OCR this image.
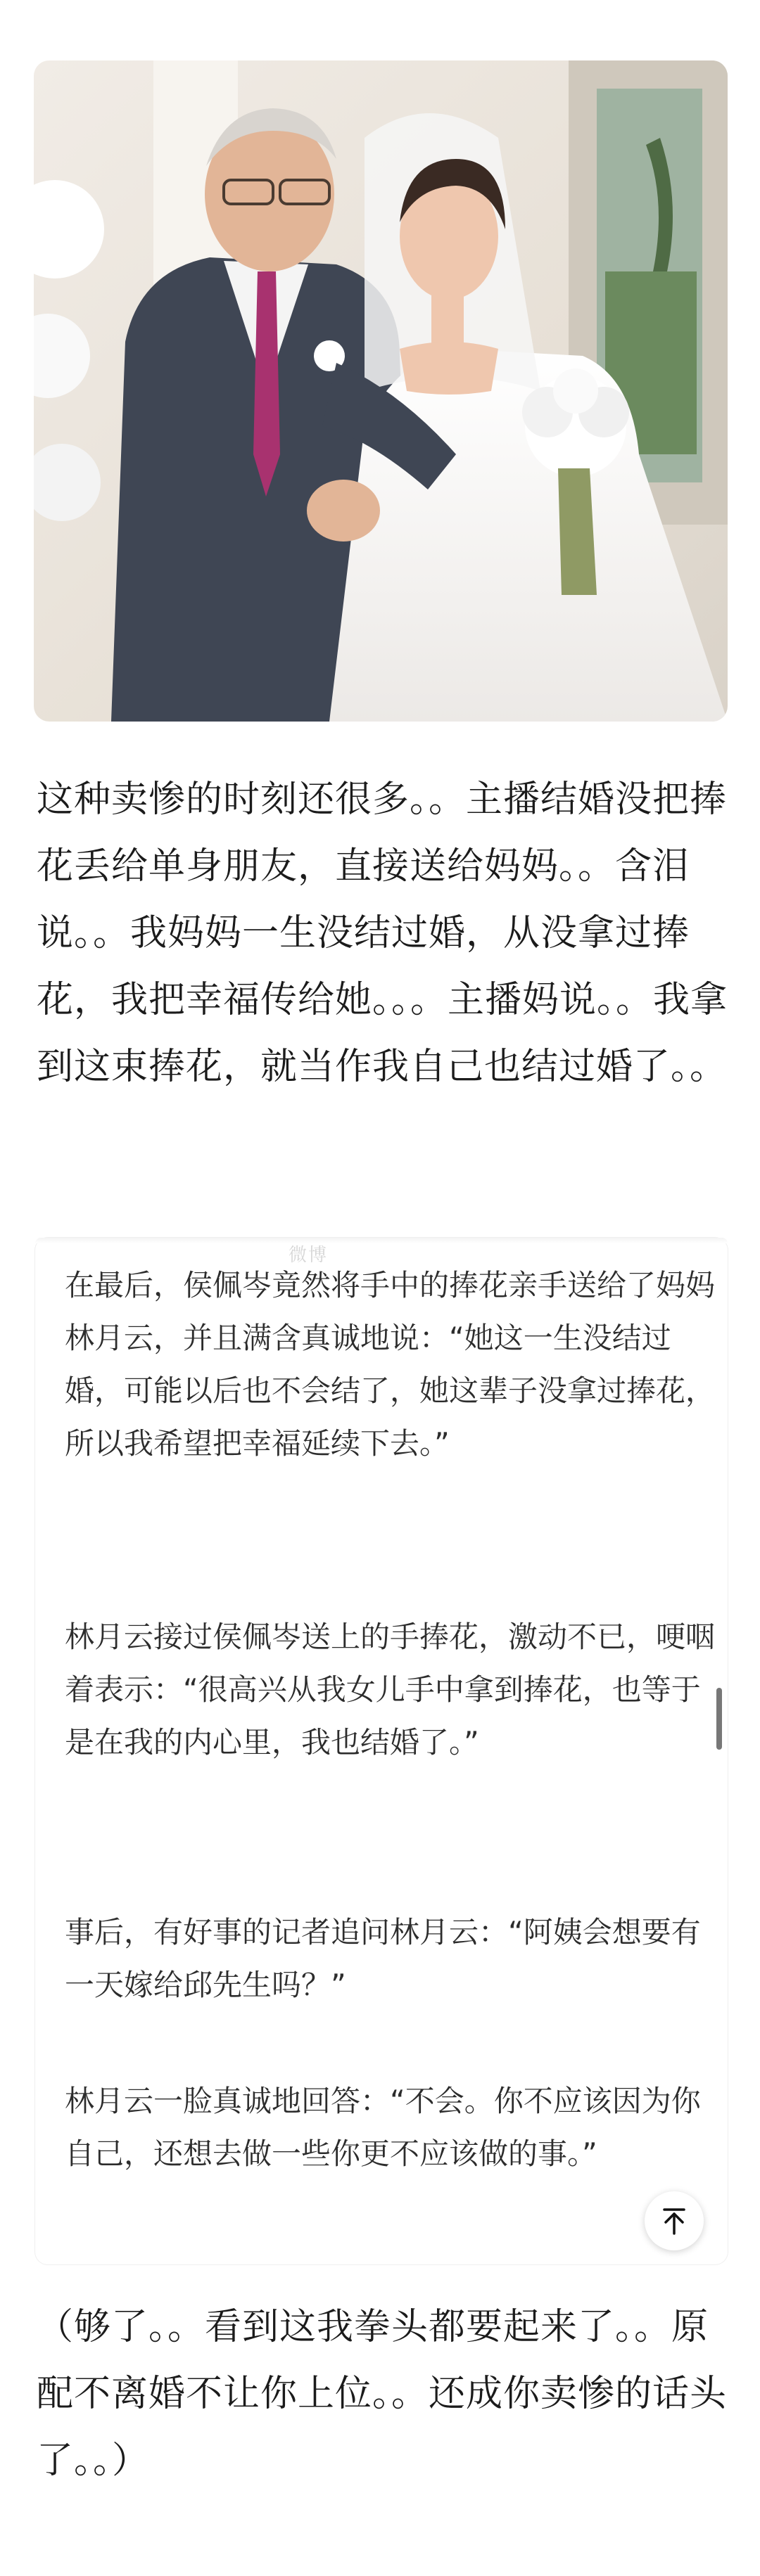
这种卖惨的时刻还很多。。主播结婚没把捧花丢给单身朋友，直接送给妈妈。。含泪说。。我妈妈一生没结过婚，从没拿过捧花，我把幸福传给她。。。主播妈说。。我拿到这束捧花，就当作我自己也结过婚了。。

微博

在最后，侯佩岑竟然将手中的捧花亲手送给了妈妈林月云，并且满含真诚地说：“她这一生没结过婚，可能以后也不会结了，她这辈子没拿过捧花，所以我希望把幸福延续下去。”

林月云接过侯佩岑送上的手捧花，激动不已，哽咽着表示：“很高兴从我女儿手中拿到捧花，也等于是在我的内心里，我也结婚了。”

事后，有好事的记者追问林月云：“阿姨会想要有一天嫁给邱先生吗？”

林月云一脸真诚地回答：“不会。你不应该因为你自己，还想去做一些你更不应该做的事。”

（够了。。看到这我拳头都要起来了。。原配不离婚不让你上位。。还成你卖惨的话头了。。）
